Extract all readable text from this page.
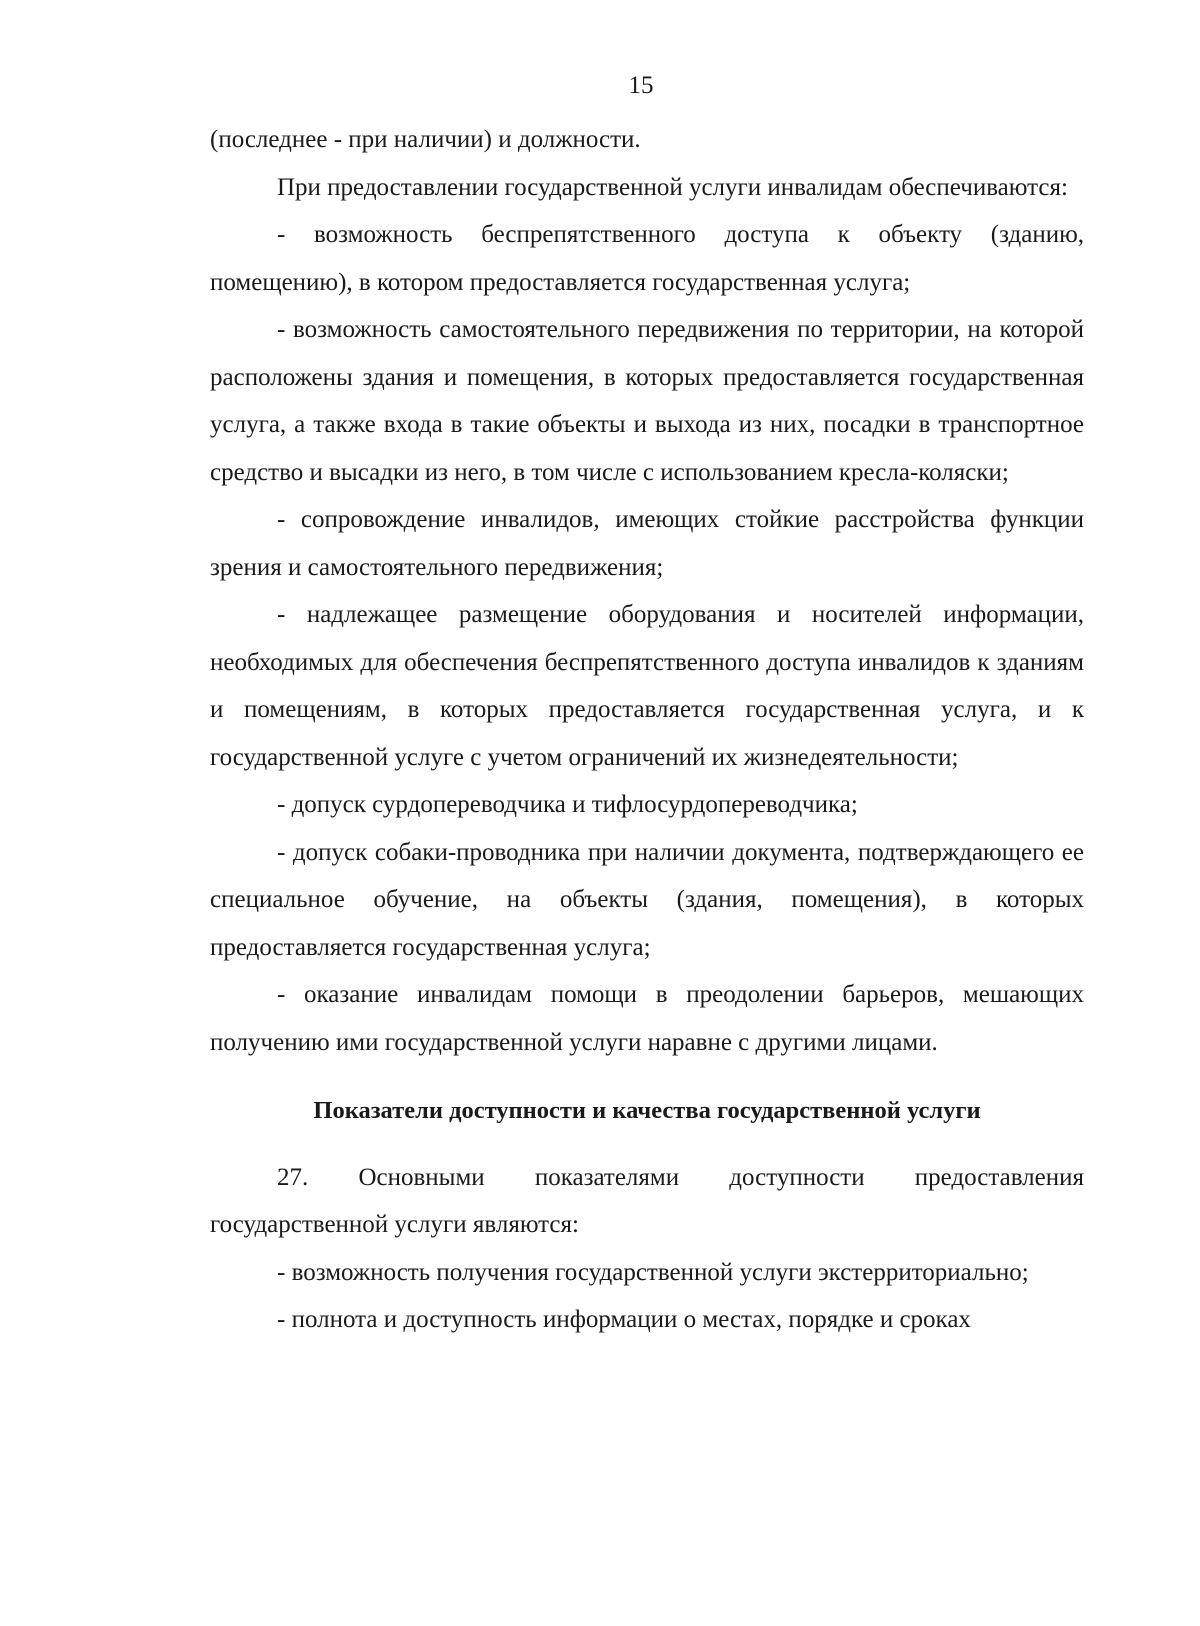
15

(последнее - при наличии) и должности.

При предоставлении государственной услуги инвалидам обеспечиваются:

- возможность беспрепятственного доступа к объекту (зданию, помещению), в котором предоставляется государственная услуга;

- возможность самостоятельного передвижения по территории, на которой расположены здания и помещения, в которых предоставляется государственная услуга, а также входа в такие объекты и выхода из них, посадки в транспортное средство и высадки из него, в том числе с использованием кресла-коляски;

- сопровождение инвалидов, имеющих стойкие расстройства функции зрения и самостоятельного передвижения;

- надлежащее размещение оборудования и носителей информации, необходимых для обеспечения беспрепятственного доступа инвалидов к зданиям и помещениям, в которых предоставляется государственная услуга, и к государственной услуге с учетом ограничений их жизнедеятельности;

- допуск сурдопереводчика и тифлосурдопереводчика;

- допуск собаки-проводника при наличии документа, подтверждающего ее специальное обучение, на объекты (здания, помещения), в которых предоставляется государственная услуга;

- оказание инвалидам помощи в преодолении барьеров, мешающих получению ими государственной услуги наравне с другими лицами.

Показатели доступности и качества государственной услуги

27. Основными показателями доступности предоставления государственной услуги являются:

- возможность получения государственной услуги экстерриториально;

- полнота и доступность информации о местах, порядке и сроках
